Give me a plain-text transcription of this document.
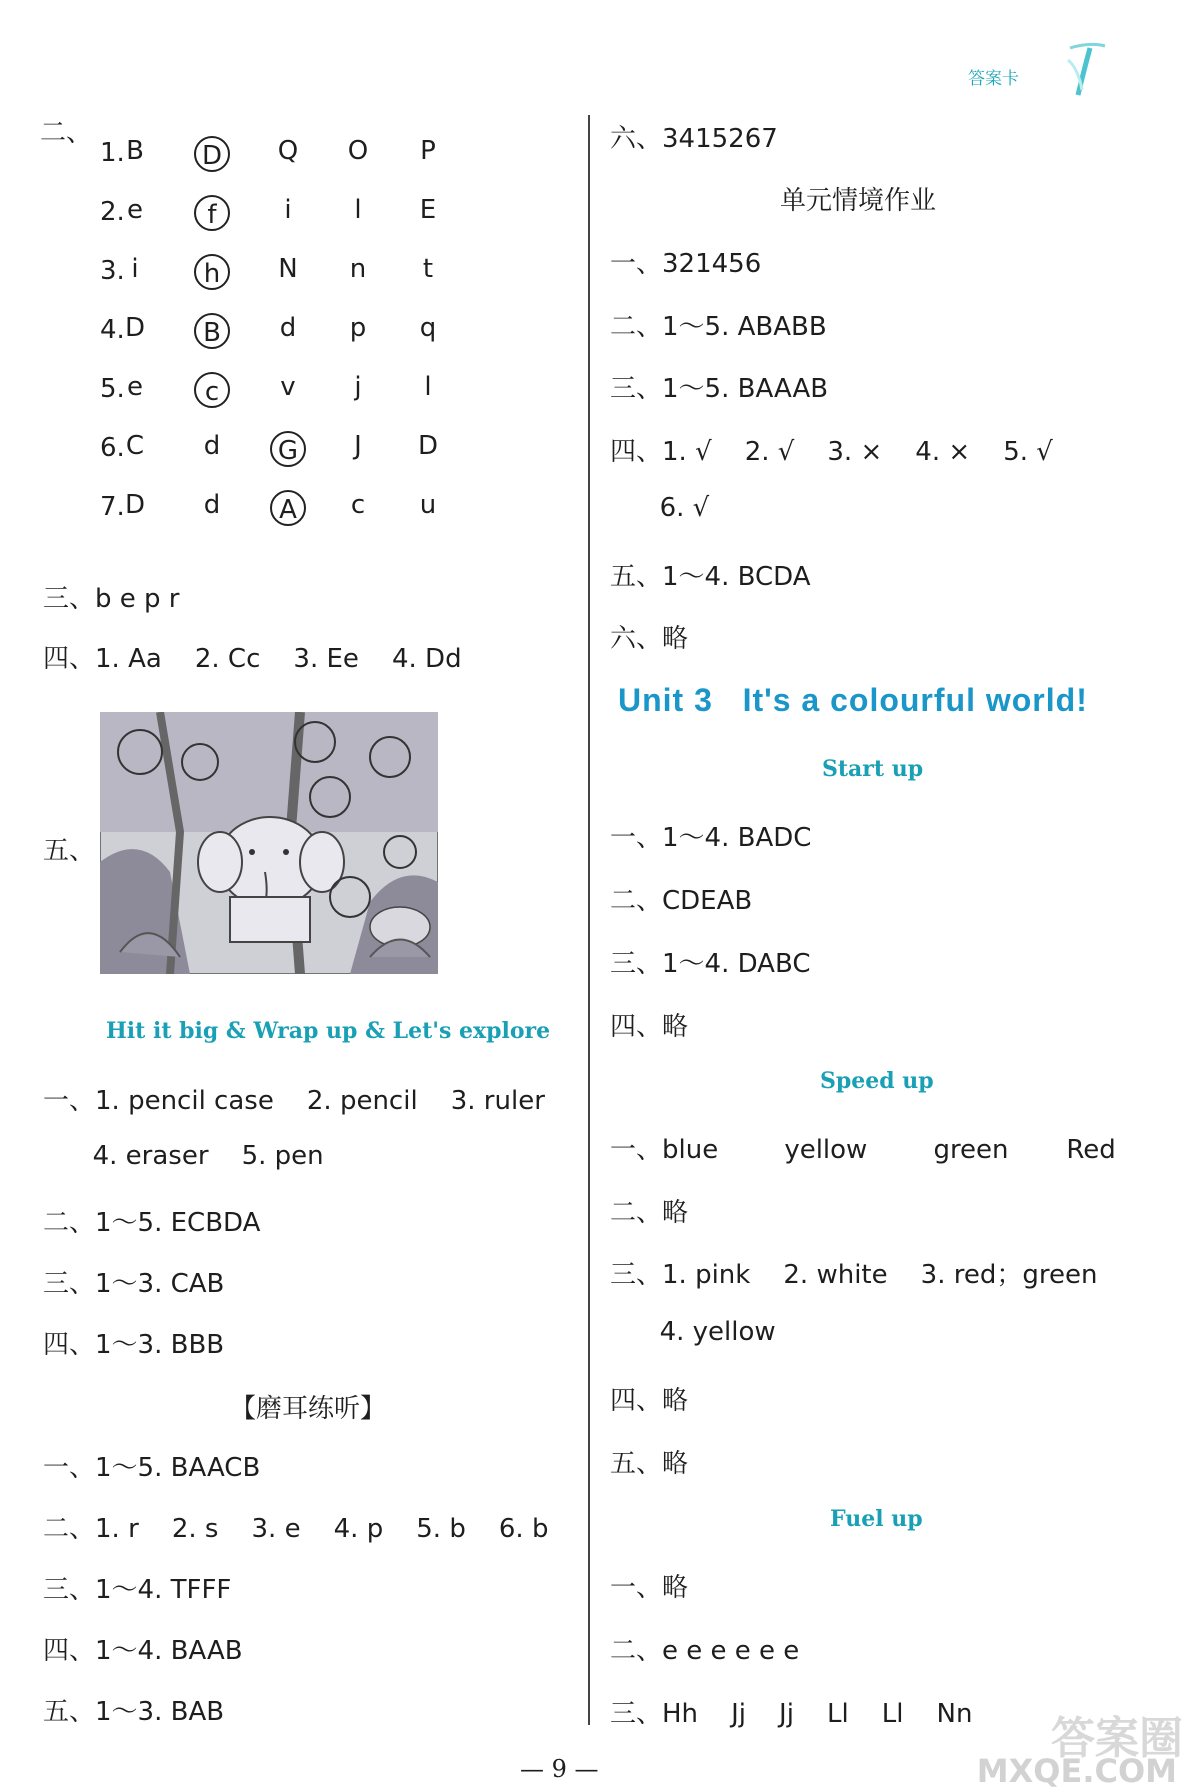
答案卡
二、
1. B	D	Q O	P
2. e	f	i	l	E
3. i	h	N	n	t
4. D	B	d	p	q
5. e	c	v	j	l
6. C	d	G	J	D
7. D	d	A	c	u
三、b e p r
四、1. Aa    2. Cc    3. Ee    4. Dd
五、
Hit it big & Wrap up & Let's explore
一、1. pencil case    2. pencil    3. ruler
4. eraser    5. pen
二、1～5. ECBDA
三、1～3. CAB
四、1～3. BBB
【磨耳练听】
一、1～5. BAACB
二、1. r    2. s    3. e    4. p    5. b    6. b
三、1～4. TFFF
四、1～4. BAAB
五、1～3. BAB
六、3415267
单元情境作业
一、321456
二、1～5. ABABB
三、1～5. BAAAB
四、1. √    2. √    3. ×    4. ×    5. √
6. √
五、1～4. BCDA
六、略
Unit 3   It's a colourful world!
Start up
一、1～4. BADC
二、CDEAB
三、1～4. DABC
四、略
Speed up
一、blue        yellow        green       Red
二、略
三、1. pink    2. white    3. red；green
4. yellow
四、略
五、略
Fuel up
一、略
二、e e e e e e
三、Hh    Jj    Jj    Ll    Ll    Nn
— 9 —
答案圈
MXQE.COM
